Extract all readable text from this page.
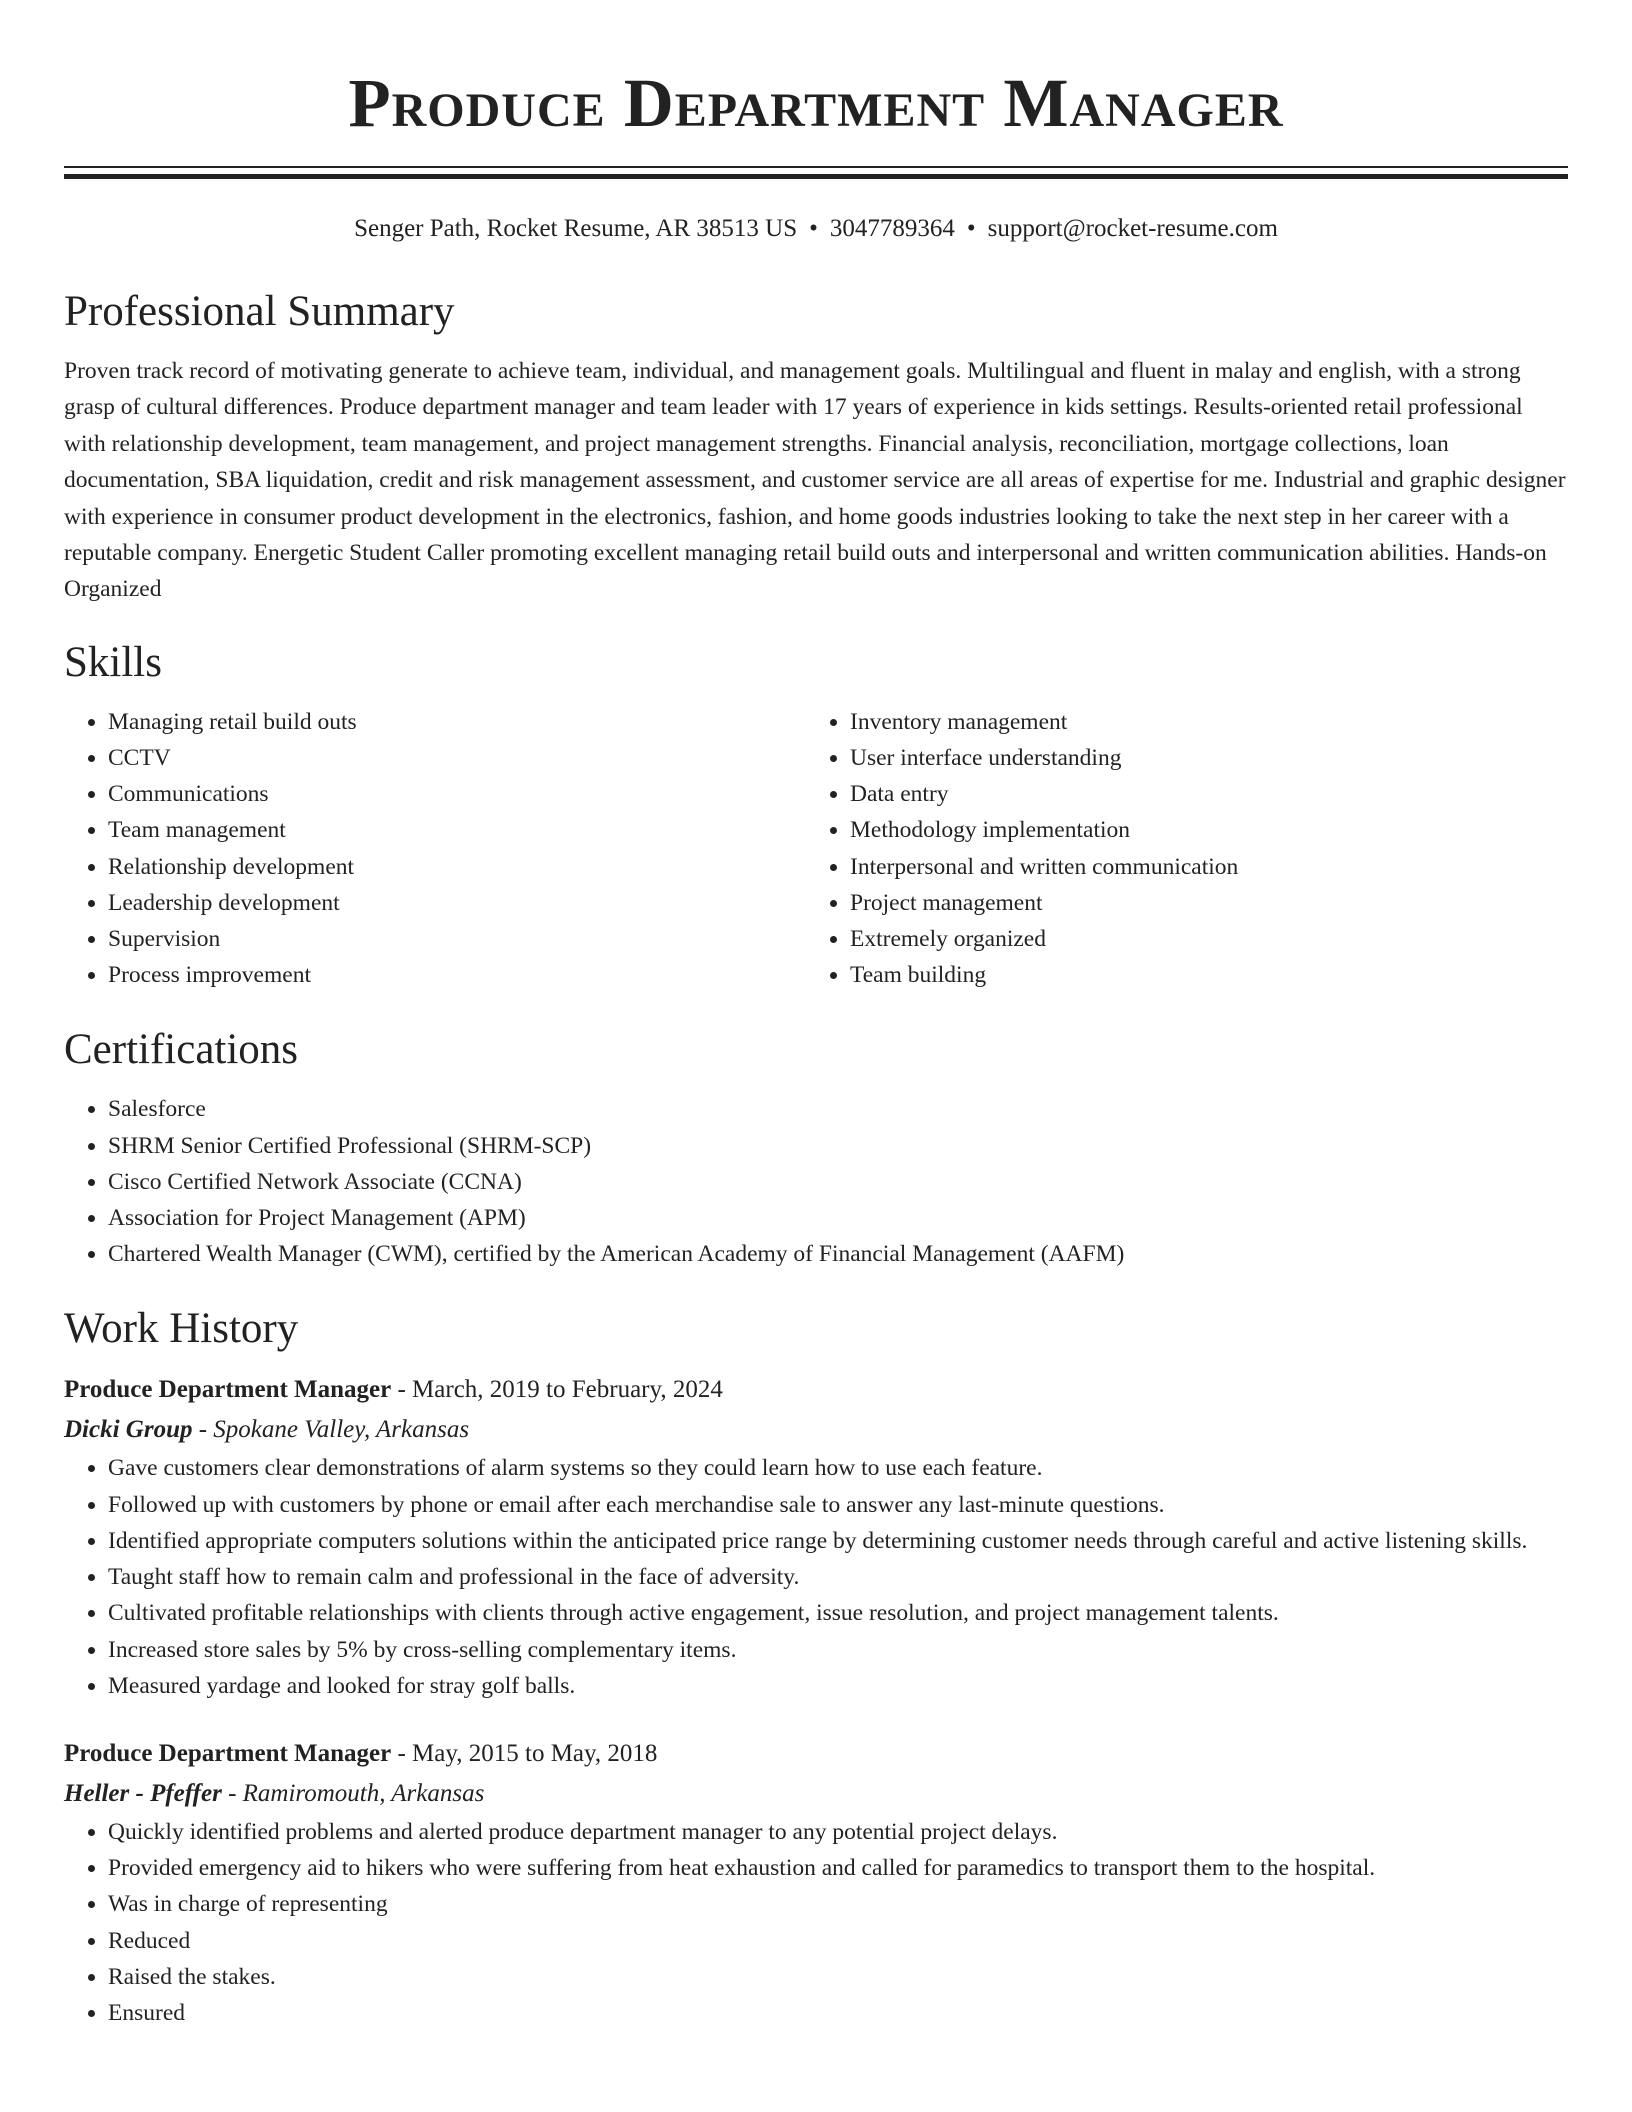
Produce Department Manager
Senger Path, Rocket Resume, AR 38513 US • 3047789364 • support@rocket-resume.com
Professional Summary

Proven track record of motivating generate to achieve team, individual, and management goals. Multilingual and fluent in malay and english, with a strong grasp of cultural differences. Produce department manager and team leader with 17 years of experience in kids settings. Results-oriented retail professional with relationship development, team management, and project management strengths. Financial analysis, reconciliation, mortgage collections, loan documentation, SBA liquidation, credit and risk management assessment, and customer service are all areas of expertise for me. Industrial and graphic designer with experience in consumer product development in the electronics, fashion, and home goods industries looking to take the next step in her career with a reputable company. Energetic Student Caller promoting excellent managing retail build outs and interpersonal and written communication abilities. Hands-on Organized

Skills
• Managing retail build outs
• CCTV
• Communications
• Team management
• Relationship development
• Leadership development
• Supervision
• Process improvement
• Inventory management
• User interface understanding
• Data entry
• Methodology implementation
• Interpersonal and written communication
• Project management
• Extremely organized
• Team building
Certifications
• Salesforce
• SHRM Senior Certified Professional (SHRM-SCP)
• Cisco Certified Network Associate (CCNA)
• Association for Project Management (APM)
• Chartered Wealth Manager (CWM), certified by the American Academy of Financial Management (AAFM)
Work History
Produce Department Manager - March, 2019 to February, 2024
Dicki Group - Spokane Valley, Arkansas
• Gave customers clear demonstrations of alarm systems so they could learn how to use each feature.
• Followed up with customers by phone or email after each merchandise sale to answer any last-minute questions.
• Identified appropriate computers solutions within the anticipated price range by determining customer needs through careful and active listening skills.
• Taught staff how to remain calm and professional in the face of adversity.
• Cultivated profitable relationships with clients through active engagement, issue resolution, and project management talents.
• Increased store sales by 5% by cross-selling complementary items.
• Measured yardage and looked for stray golf balls.
Produce Department Manager - May, 2015 to May, 2018
Heller - Pfeffer - Ramiromouth, Arkansas
• Quickly identified problems and alerted produce department manager to any potential project delays.
• Provided emergency aid to hikers who were suffering from heat exhaustion and called for paramedics to transport them to the hospital.
• Was in charge of representing
• Reduced
• Raised the stakes.
• Ensured
